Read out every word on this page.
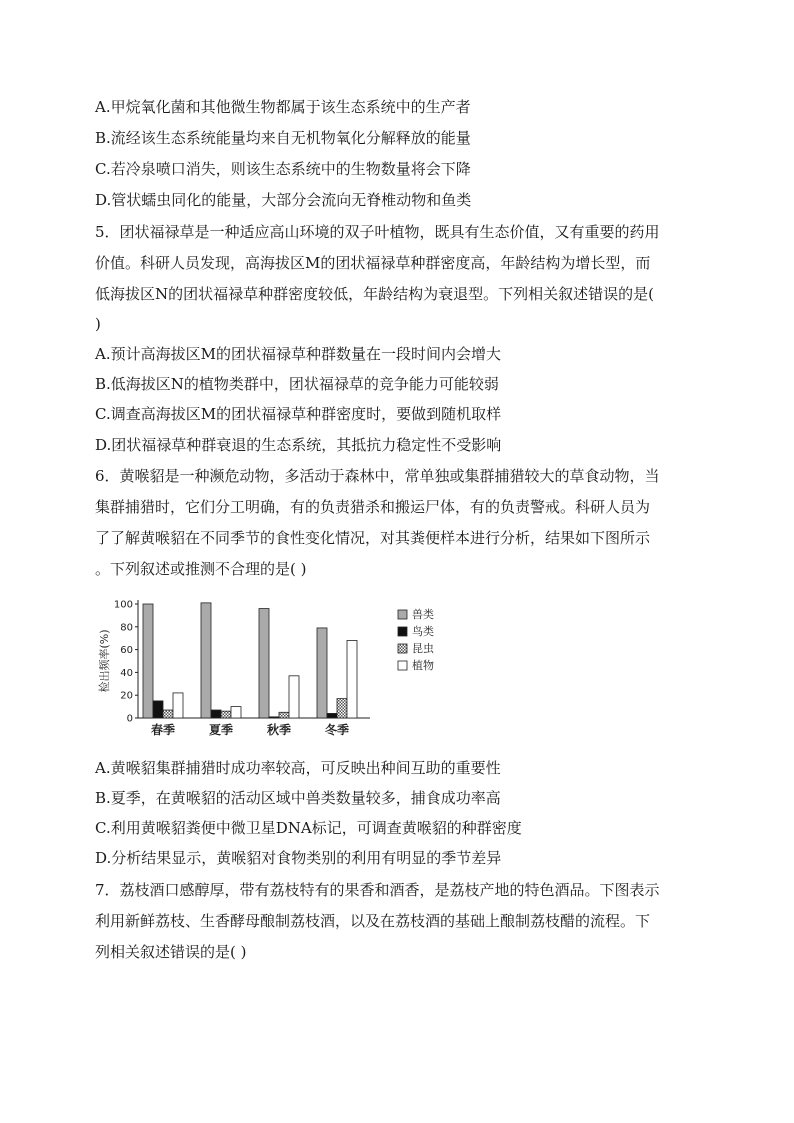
A.甲烷氧化菌和其他微生物都属于该生态系统中的生产者
B.流经该生态系统能量均来自无机物氧化分解释放的能量
C.若冷泉喷口消失，则该生态系统中的生物数量将会下降
D.管状蠕虫同化的能量，大部分会流向无脊椎动物和鱼类
5．团状福禄草是一种适应高山环境的双子叶植物，既具有生态价值，又有重要的药用
价值。科研人员发现，高海拔区M的团状福禄草种群密度高，年龄结构为增长型，而
低海拔区N的团状福禄草种群密度较低，年龄结构为衰退型。下列相关叙述错误的是(
)
A.预计高海拔区M的团状福禄草种群数量在一段时间内会增大
B.低海拔区N的植物类群中，团状福禄草的竞争能力可能较弱
C.调查高海拔区M的团状福禄草种群密度时，要做到随机取样
D.团状福禄草种群衰退的生态系统，其抵抗力稳定性不受影响
6．黄喉貂是一种濒危动物，多活动于森林中，常单独或集群捕猎较大的草食动物，当
集群捕猎时，它们分工明确，有的负责猎杀和搬运尸体，有的负责警戒。科研人员为
了了解黄喉貂在不同季节的食性变化情况，对其粪便样本进行分析，结果如下图所示
。下列叙述或推测不合理的是( )
A.黄喉貂集群捕猎时成功率较高，可反映出种间互助的重要性
B.夏季，在黄喉貂的活动区域中兽类数量较多，捕食成功率高
C.利用黄喉貂粪便中微卫星DNA标记，可调查黄喉貂的种群密度
D.分析结果显示，黄喉貂对食物类别的利用有明显的季节差异
7．荔枝酒口感醇厚，带有荔枝特有的果香和酒香，是荔枝产地的特色酒品。下图表示
利用新鲜荔枝、生香酵母酿制荔枝酒，以及在荔枝酒的基础上酿制荔枝醋的流程。下
列相关叙述错误的是( )
0
20
40
60
80
100
检出频率(%)
春季	夏季	秋季	冬季
兽类
鸟类
昆虫
植物
